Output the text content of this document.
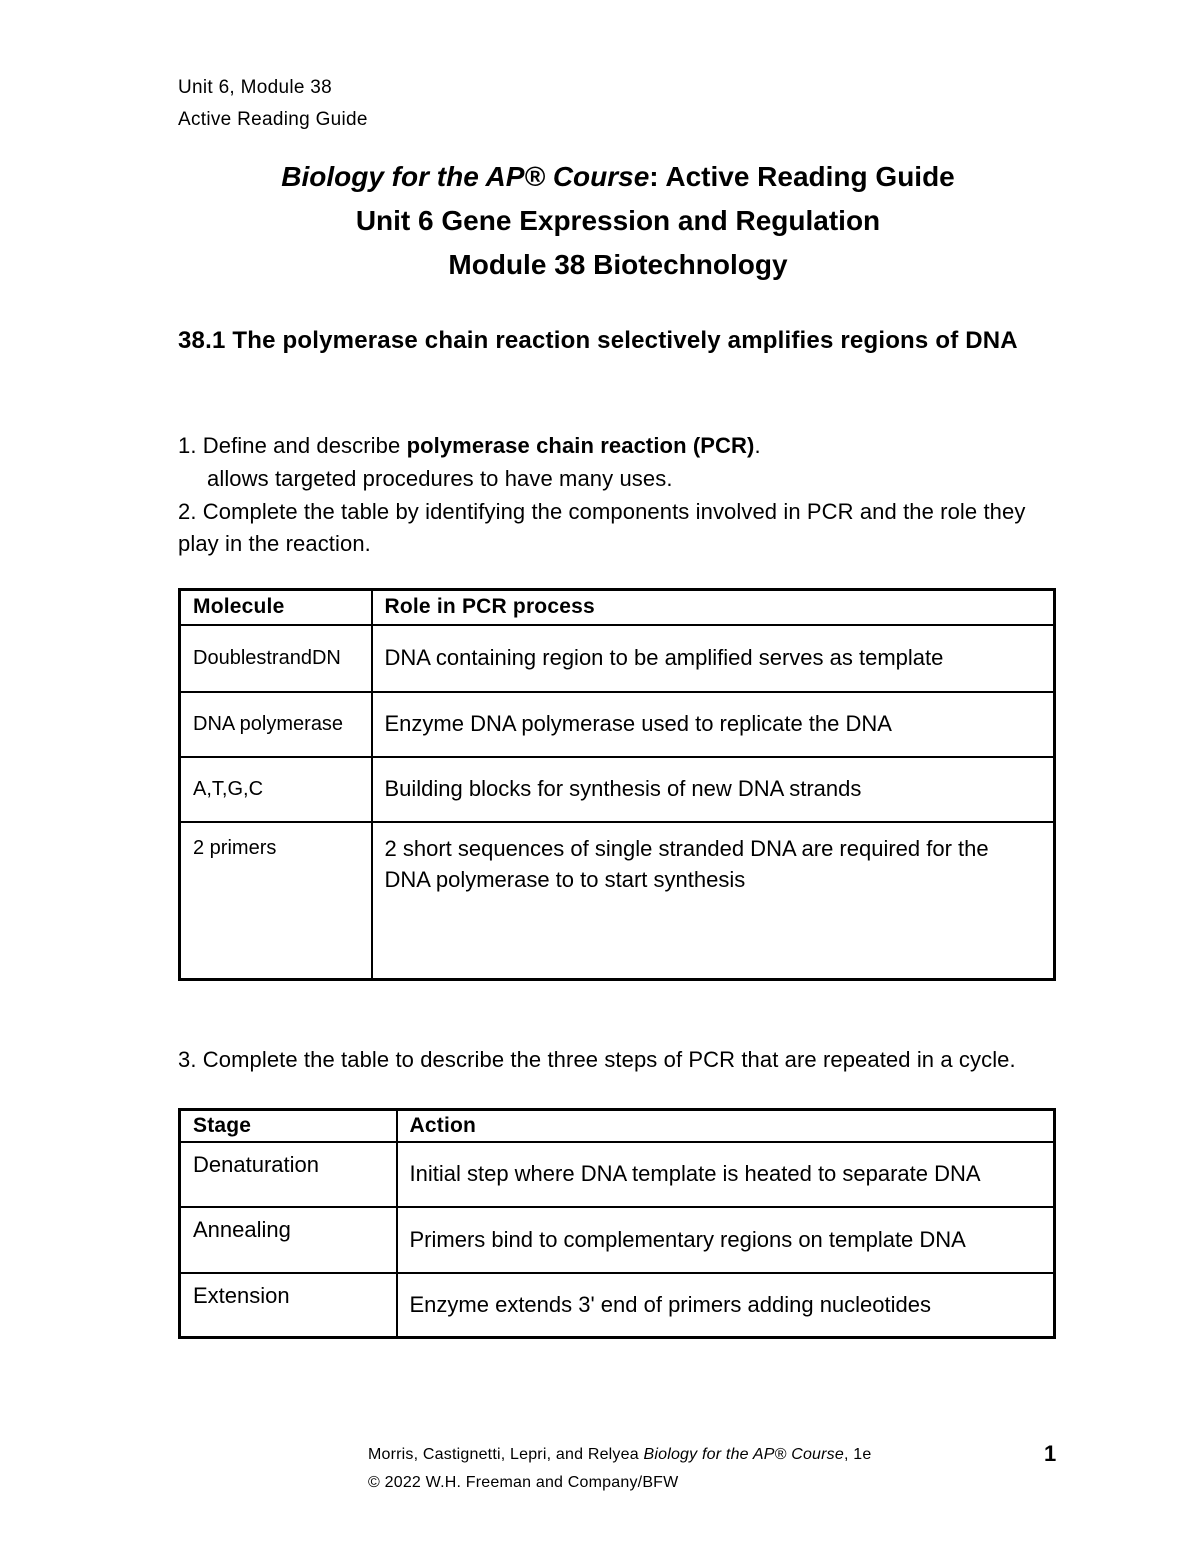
Unit 6, Module 38
Active Reading Guide
Biology for the AP® Course: Active Reading Guide
Unit 6 Gene Expression and Regulation
Module 38 Biotechnology
38.1 The polymerase chain reaction selectively amplifies regions of DNA
1. Define and describe polymerase chain reaction (PCR).
allows targeted procedures to have many uses.
2. Complete the table by identifying the components involved in PCR and the role they play in the reaction.
Molecule	Role in PCR process
DoublestrandDN	DNA containing region to be amplified serves as template
DNA polymerase	Enzyme DNA polymerase used to replicate the DNA
A,T,G,C	Building blocks for synthesis of new DNA strands
2 primers	2 short sequences of single stranded DNA are required for the DNA polymerase to to start synthesis
3. Complete the table to describe the three steps of PCR that are repeated in a cycle.
Stage	Action
Denaturation	Initial step where DNA template is heated to separate DNA
Annealing	Primers bind to complementary regions on template DNA
Extension	Enzyme extends 3' end of primers adding nucleotides
Morris, Castignetti, Lepri, and Relyea Biology for the AP® Course, 1e
© 2022 W.H. Freeman and Company/BFW
1
